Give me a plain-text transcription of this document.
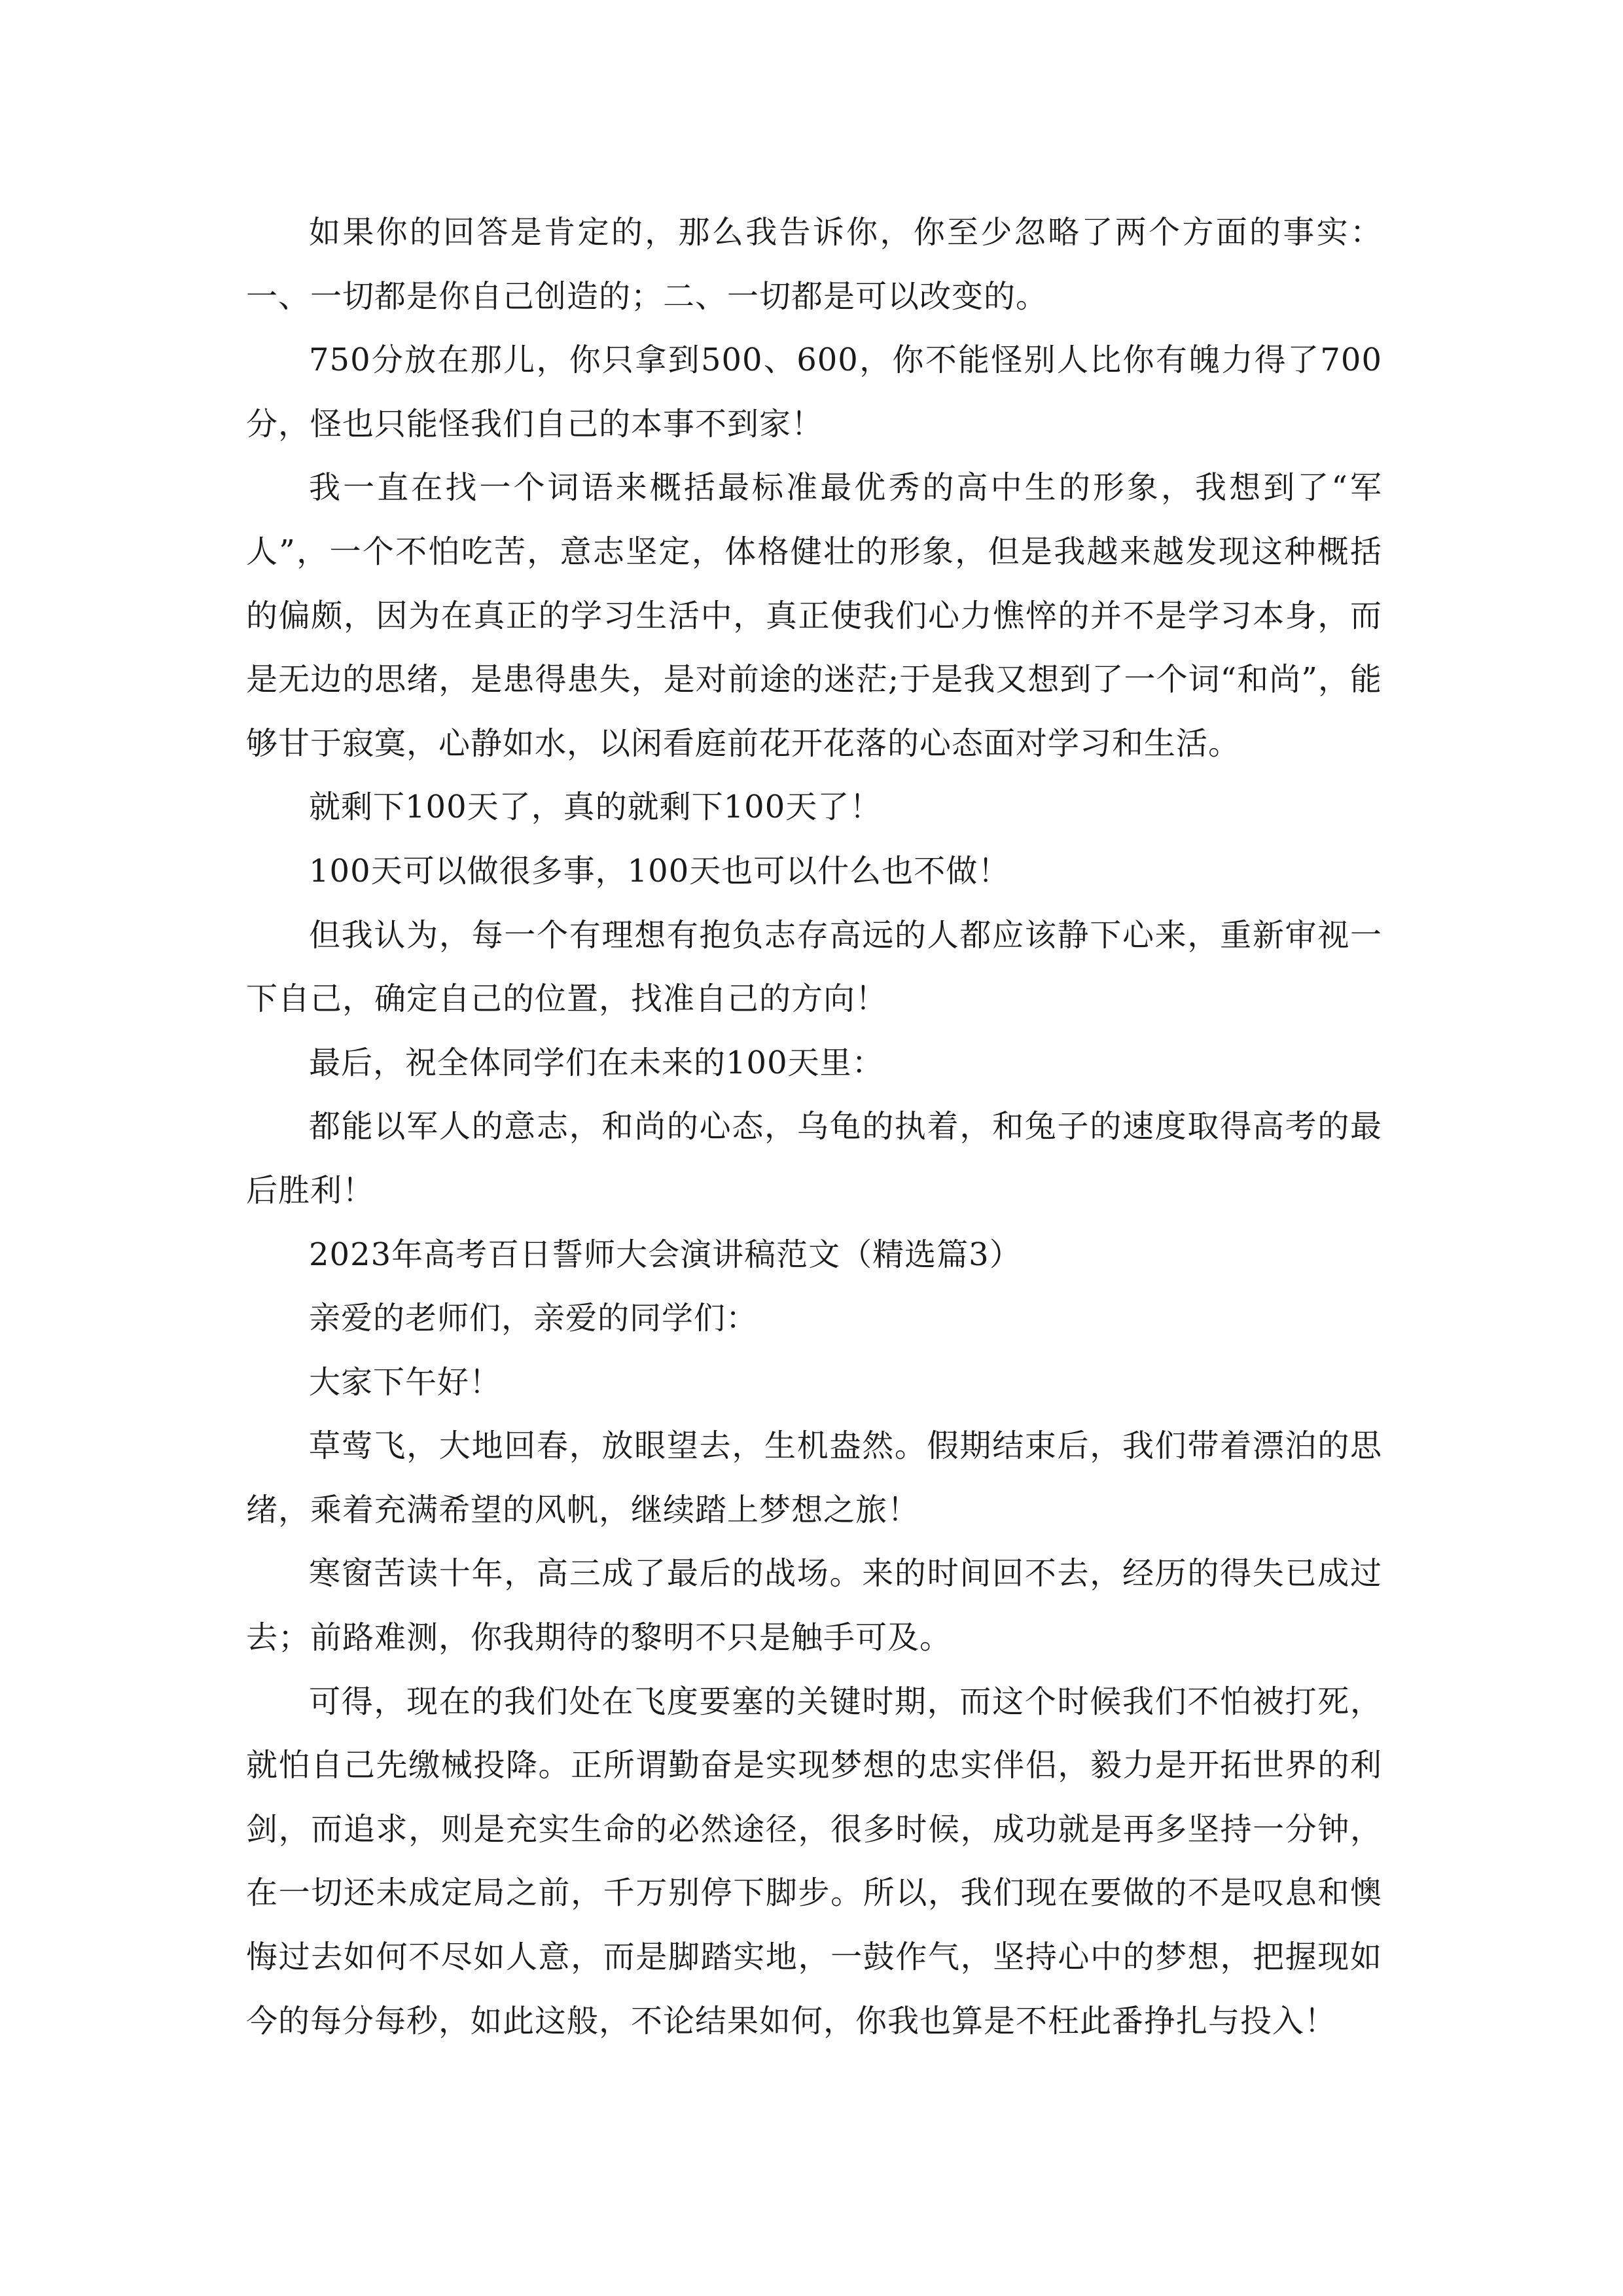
如果你的回答是肯定的，那么我告诉你，你至少忽略了两个方面的事实：一、一切都是你自己创造的；二、一切都是可以改变的。

750分放在那儿，你只拿到500、600，你不能怪别人比你有魄力得了700分，怪也只能怪我们自己的本事不到家！

我一直在找一个词语来概括最标准最优秀的高中生的形象，我想到了“军人”，一个不怕吃苦，意志坚定，体格健壮的形象，但是我越来越发现这种概括的偏颇，因为在真正的学习生活中，真正使我们心力憔悴的并不是学习本身，而是无边的思绪，是患得患失，是对前途的迷茫;于是我又想到了一个词“和尚”，能够甘于寂寞，心静如水，以闲看庭前花开花落的心态面对学习和生活。

就剩下100天了，真的就剩下100天了！

100天可以做很多事，100天也可以什么也不做！

但我认为，每一个有理想有抱负志存高远的人都应该静下心来，重新审视一下自己，确定自己的位置，找准自己的方向！

最后，祝全体同学们在未来的100天里：

都能以军人的意志，和尚的心态，乌龟的执着，和兔子的速度取得高考的最后胜利！

2023年高考百日誓师大会演讲稿范文（精选篇3）

亲爱的老师们，亲爱的同学们：

大家下午好！

草莺飞，大地回春，放眼望去，生机盎然。假期结束后，我们带着漂泊的思绪，乘着充满希望的风帆，继续踏上梦想之旅！

寒窗苦读十年，高三成了最后的战场。来的时间回不去，经历的得失已成过去；前路难测，你我期待的黎明不只是触手可及。

可得，现在的我们处在飞度要塞的关键时期，而这个时候我们不怕被打死，就怕自己先缴械投降。正所谓勤奋是实现梦想的忠实伴侣，毅力是开拓世界的利剑，而追求，则是充实生命的必然途径，很多时候，成功就是再多坚持一分钟，在一切还未成定局之前，千万别停下脚步。所以，我们现在要做的不是叹息和懊悔过去如何不尽如人意，而是脚踏实地，一鼓作气，坚持心中的梦想，把握现如今的每分每秒，如此这般，不论结果如何，你我也算是不枉此番挣扎与投入！
